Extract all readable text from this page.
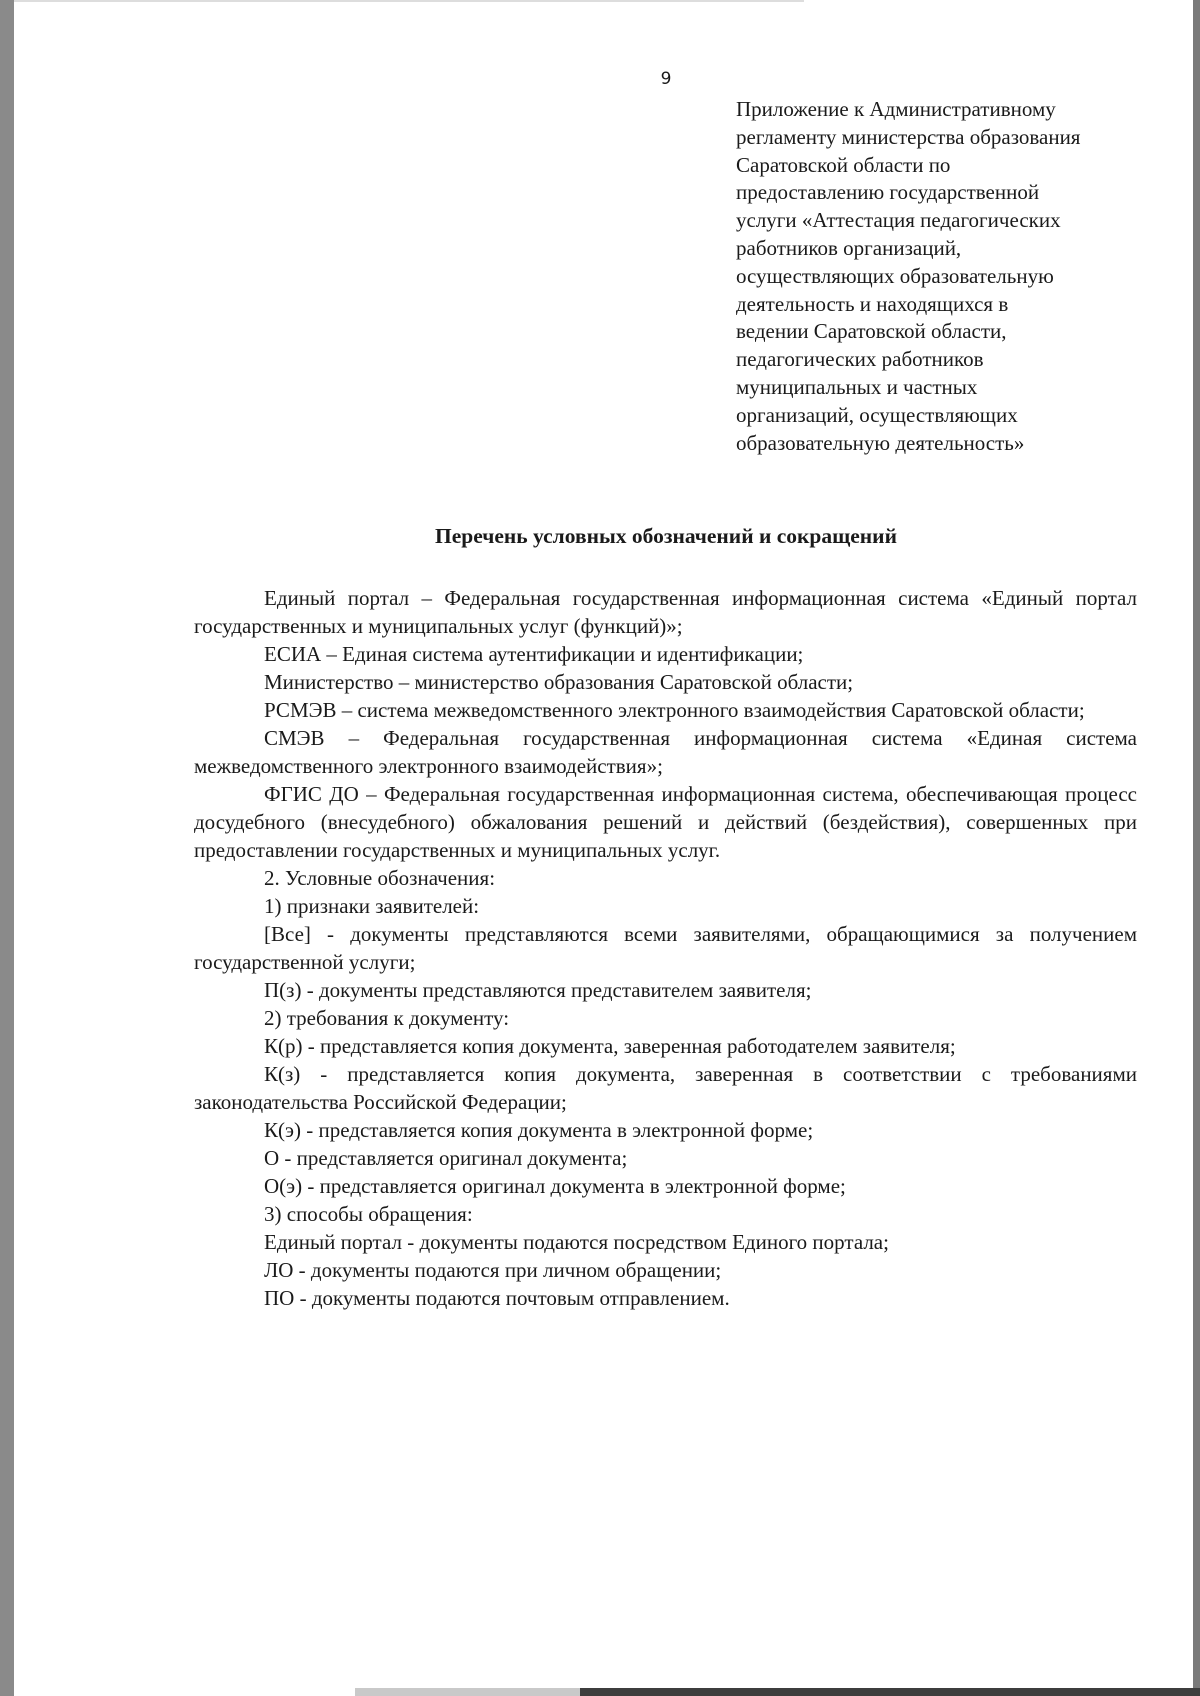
9
Приложение к Административному
регламенту министерства образования
Саратовской области по
предоставлению государственной
услуги «Аттестация педагогических
работников организаций,
осуществляющих образовательную
деятельность и находящихся в
ведении Саратовской области,
педагогических работников
муниципальных и частных
организаций, осуществляющих
образовательную деятельность»
Перечень условных обозначений и сокращений

Единый портал – Федеральная государственная информационная система «Единый портал государственных и муниципальных услуг (функций)»;

ЕСИА – Единая система аутентификации и идентификации;

Министерство – министерство образования Саратовской области;

РСМЭВ – система межведомственного электронного взаимодействия Саратовской области;

СМЭВ – Федеральная государственная информационная система «Единая система межведомственного электронного взаимодействия»;

ФГИС ДО – Федеральная государственная информационная система, обеспечивающая процесс досудебного (внесудебного) обжалования решений и действий (бездействия), совершенных при предоставлении государственных и муниципальных услуг.

2. Условные обозначения:

1) признаки заявителей:

[Все] - документы представляются всеми заявителями, обращающимися за получением государственной услуги;

П(з) - документы представляются представителем заявителя;

2) требования к документу:

К(р) - представляется копия документа, заверенная работодателем заявителя;

К(з) - представляется копия документа, заверенная в соответствии с требованиями законодательства Российской Федерации;

К(э) - представляется копия документа в электронной форме;

О - представляется оригинал документа;

О(э) - представляется оригинал документа в электронной форме;

3) способы обращения:

Единый портал - документы подаются посредством Единого портала;

ЛО - документы подаются при личном обращении;

ПО - документы подаются почтовым отправлением.
